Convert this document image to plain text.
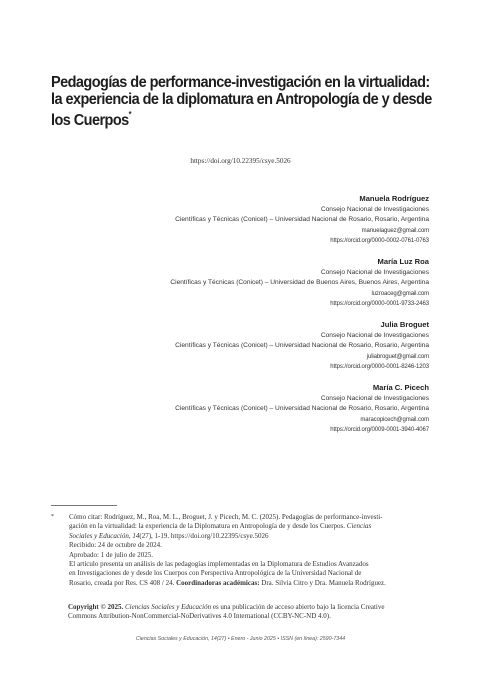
Pedagogías de performance-investigación en la virtualidad:
la experiencia de la diplomatura en Antropología de y desde
los Cuerpos*
https://doi.org/10.22395/csye.5026
Manuela Rodríguez
Consejo Nacional de Investigaciones
Científicas y Técnicas (Conicet) – Universidad Nacional de Rosario, Rosario, Argentina
manuelaguez@gmail.com
https://orcid.org/0000-0002-0761-0763
María Luz Roa
Consejo Nacional de Investigaciones
Científicas y Técnicas (Conicet) – Universidad de Buenos Aires, Buenos Aires, Argentina
luzroaceg@gmail.com
https://orcid.org/0000-0001-9733-2463
Julia Broguet
Consejo Nacional de Investigaciones
Científicas y Técnicas (Conicet) – Universidad Nacional de Rosario, Rosario, Argentina
juliabroguet@gmail.com
https://orcid.org/0000-0001-8246-1203
María C. Picech
Consejo Nacional de Investigaciones
Científicas y Técnicas (Conicet) – Universidad Nacional de Rosario, Rosario, Argentina
maracopicech@gmail.com
https://orcid.org/0009-0001-3940-4067
* Cómo citar: Rodríguez, M., Roa, M. L., Broguet, J. y Picech, M. C. (2025). Pedagogías de performance-investi-
gación en la virtualidad: la experiencia de la Diplomatura en Antropología de y desde los Cuerpos. Ciencias
Sociales y Educación, 14(27), 1-19. https://doi.org/10.22395/csye.5026
Recibido: 24 de octubre de 2024.
Aprobado: 1 de julio de 2025.
El artículo presenta un análisis de las pedagogías implementadas en la Diplomatura de Estudios Avanzados
en Investigaciones de y desde los Cuerpos con Perspectiva Antropológica de la Universidad Nacional de
Rosario, creada por Res. CS 408 / 24. Coordinadoras académicas: Dra. Silvia Citro y Dra. Manuela Rodríguez.
Copyright © 2025. Ciencias Sociales y Educación es una publicación de acceso abierto bajo la licencia Creative
Commons Attribution-NonCommercial-NoDerivatives 4.0 International (CCBY-NC-ND 4.0).
Ciencias Sociales y Educación, 14(27) • Enero - Junio 2025 • ISSN (en línea): 2590-7344
